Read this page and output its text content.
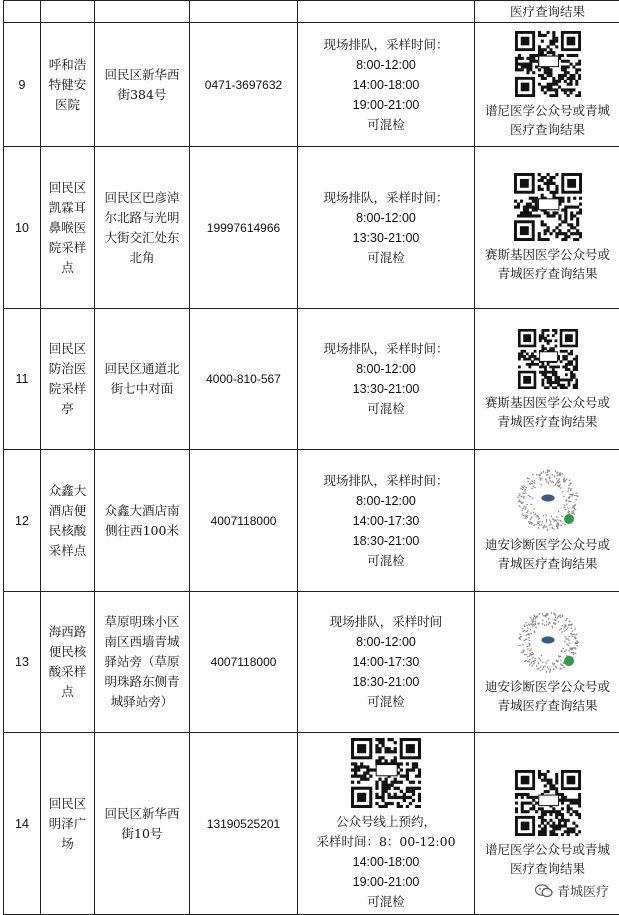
					医疗查询结果
9	呼和浩特健安医院	回民区新华西街384号	0471-3697632	现场排队，采样时间：
8:00-12:00
14:00-18:00
19:00-21:00
可混检	谱尼医学公众号或青城医疗查询结果
10	回民区凯霖耳鼻喉医院采样点	回民区巴彦淖尔北路与光明大街交汇处东北角	19997614966	现场排队，采样时间：
8:00-12:00
13:30-21:00
可混检	赛斯基因医学公众号或青城医疗查询结果
11	回民区防治医院采样亭	回民区通道北街七中对面	4000-810-567	现场排队，采样时间：
8:00-12:00
13:30-21:00
可混检	赛斯基因医学公众号或青城医疗查询结果
12	众鑫大酒店便民核酸采样点	众鑫大酒店南侧往西100米	4007118000	现场排队，采样时间：
8:00-12:00
14:00-17:30
18:30-21:00
可混检	迪安诊断医学公众号或青城医疗查询结果
13	海西路便民核酸采样点	草原明珠小区南区西墙青城驿站旁（草原明珠路东侧青城驿站旁）	4007118000	现场排队，采样时间
8:00-12:00
14:00-17:30
18:30-21:00
可混检	迪安诊断医学公众号或青城医疗查询结果
14	回民区明泽广场	回民区新华西街10号	13190525201	公众号线上预约，
采样时间：8：00-12:00
14:00-18:00
19:00-21:00
可混检	谱尼医学公众号或青城医疗查询结果
青城医疗
